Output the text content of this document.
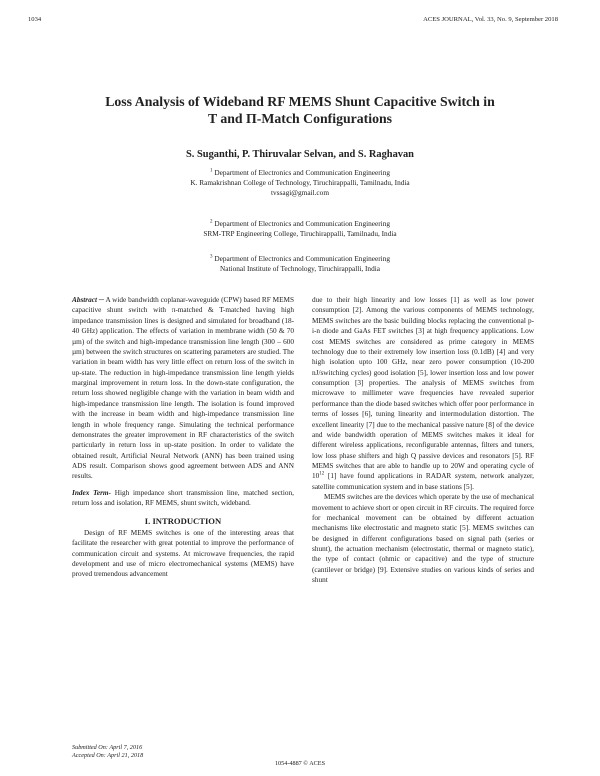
1034	ACES JOURNAL, Vol. 33, No. 9, September 2018
Loss Analysis of Wideband RF MEMS Shunt Capacitive Switch in
T and Π-Match Configurations
S. Suganthi, P. Thiruvalar Selvan, and S. Raghavan
$^1$ Department of Electronics and Communication Engineering
K. Ramakrishnan College of Technology, Tiruchirappalli, Tamilnadu, India
tvssagi@gmail.com
$^2$ Department of Electronics and Communication Engineering
SRM-TRP Engineering College, Tiruchirappalli, Tamilnadu, India
$^3$ Department of Electronics and Communication Engineering
National Institute of Technology, Tiruchirappalli, India

Abstract ─ A wide bandwidth coplanar-waveguide (CPW) based RF MEMS capacitive shunt switch with π-matched & T-matched having high impedance transmission lines is designed and simulated for broadband (18-40 GHz) application. The effects of variation in membrane width (50 & 70 µm) of the switch and high-impedance transmission line length (300 – 600 µm) between the switch structures on scattering parameters are studied. The variation in beam width has very little effect on return loss of the switch in up-state. The reduction in high-impedance transmission line length yields marginal improvement in return loss. In the down-state configuration, the return loss showed negligible change with the variation in beam width and high-impedance transmission line length. The isolation is found improved with the increase in beam width and high-impedance transmission line length in whole frequency range. Simulating the technical performance demonstrates the greater improvement in RF characteristics of the switch particularly in return loss in up-state position. In order to validate the obtained result, Artificial Neural Network (ANN) has been trained using ADS result. Comparison shows good agreement between ADS and ANN results.

Index Term- High impedance short transmission line, matched section, return loss and isolation, RF MEMS, shunt switch, wideband.

I. INTRODUCTION

Design of RF MEMS switches is one of the interesting areas that facilitate the researcher with great potential to improve the performance of communication circuit and systems. At microwave frequencies, the rapid development and use of micro electromechanical systems (MEMS) have proved tremendous advancement

due to their high linearity and low losses [1] as well as low power consumption [2]. Among the various components of MEMS technology, MEMS switches are the basic building blocks replacing the conventional p-i-n diode and GaAs FET switches [3] at high frequency applications. Low cost MEMS switches are considered as prime category in MEMS technology due to their extremely low insertion loss (0.1dB) [4] and very high isolation upto 100 GHz, near zero power consumption (10-200 nJ/switching cycles) good isolation [5], lower insertion loss and low power consumption [3] properties. The analysis of MEMS switches from microwave to millimeter wave frequencies have revealed superior performance than the diode based switches which offer poor performance in terms of losses [6], tuning linearity and intermodulation distortion. The excellent linearity [7] due to the mechanical passive nature [8] of the device and wide bandwidth operation of MEMS switches makes it ideal for different wireless applications, reconfigurable antennas, filters and tuners, low loss phase shifters and high Q passive devices and resonators [5]. RF MEMS switches that are able to handle up to 20W and operating cycle of $10^{12}$ [1] have found applications in RADAR system, network analyzer, satellite communication system and in base stations [5].

MEMS switches are the devices which operate by the use of mechanical movement to achieve short or open circuit in RF circuits. The required force for mechanical movement can be obtained by different actuation mechanisms like electrostatic and magneto static [5]. MEMS switches can be designed in different configurations based on signal path (series or shunt), the actuation mechanism (electrostatic, thermal or magneto static), the type of contact (ohmic or capacitive) and the type of structure (cantilever or bridge) [9]. Extensive studies on various kinds of series and shunt

Submitted On: April 7, 2016
Accepted On: April 21, 2018
1054-4887 © ACES
